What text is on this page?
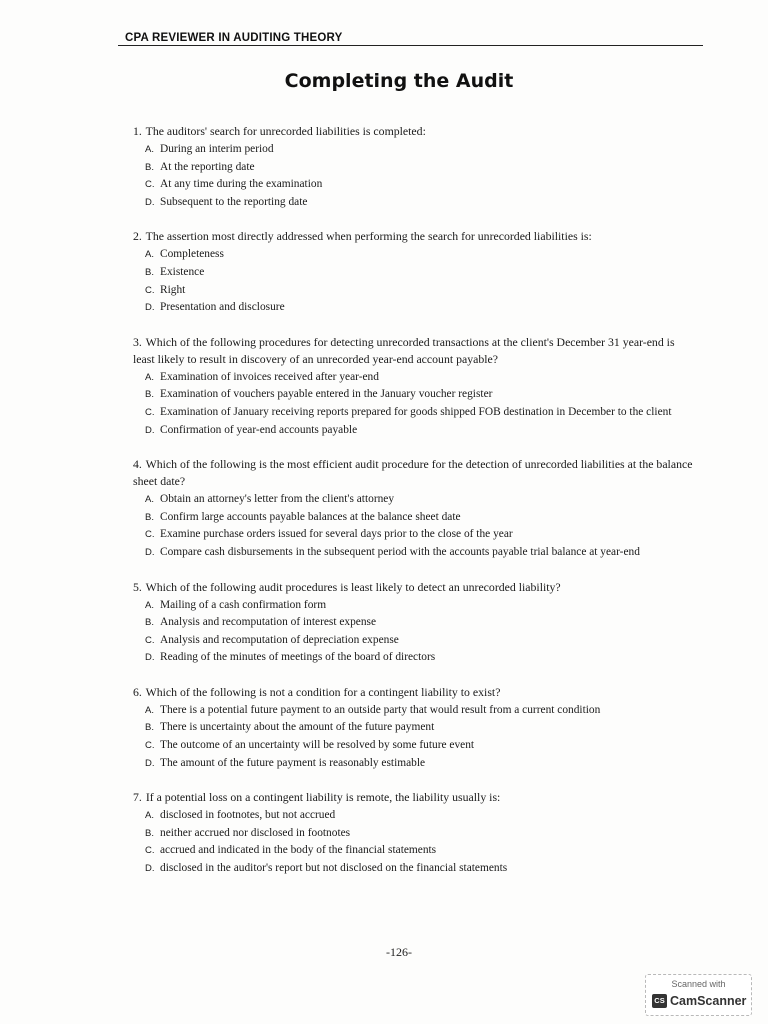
CPA REVIEWER IN AUDITING THEORY
Completing the Audit

1. The auditors' search for unrecorded liabilities is completed:

A. During an interim period
B. At the reporting date
C. At any time during the examination
D. Subsequent to the reporting date

2. The assertion most directly addressed when performing the search for unrecorded liabilities is:

A. Completeness
B. Existence
C. Right
D. Presentation and disclosure

3. Which of the following procedures for detecting unrecorded transactions at the client's December 31 year-end is least likely to result in discovery of an unrecorded year-end account payable?

A. Examination of invoices received after year-end
B. Examination of vouchers payable entered in the January voucher register
C. Examination of January receiving reports prepared for goods shipped FOB destination in December to the client
D. Confirmation of year-end accounts payable

4. Which of the following is the most efficient audit procedure for the detection of unrecorded liabilities at the balance sheet date?

A. Obtain an attorney's letter from the client's attorney
B. Confirm large accounts payable balances at the balance sheet date
C. Examine purchase orders issued for several days prior to the close of the year
D. Compare cash disbursements in the subsequent period with the accounts payable trial balance at year-end

5. Which of the following audit procedures is least likely to detect an unrecorded liability?

A. Mailing of a cash confirmation form
B. Analysis and recomputation of interest expense
C. Analysis and recomputation of depreciation expense
D. Reading of the minutes of meetings of the board of directors

6. Which of the following is not a condition for a contingent liability to exist?

A. There is a potential future payment to an outside party that would result from a current condition
B. There is uncertainty about the amount of the future payment
C. The outcome of an uncertainty will be resolved by some future event
D. The amount of the future payment is reasonably estimable

7. If a potential loss on a contingent liability is remote, the liability usually is:

A. disclosed in footnotes, but not accrued
B. neither accrued nor disclosed in footnotes
C. accrued and indicated in the body of the financial statements
D. disclosed in the auditor's report but not disclosed on the financial statements
-126-
Scanned with
CS CamScanner
